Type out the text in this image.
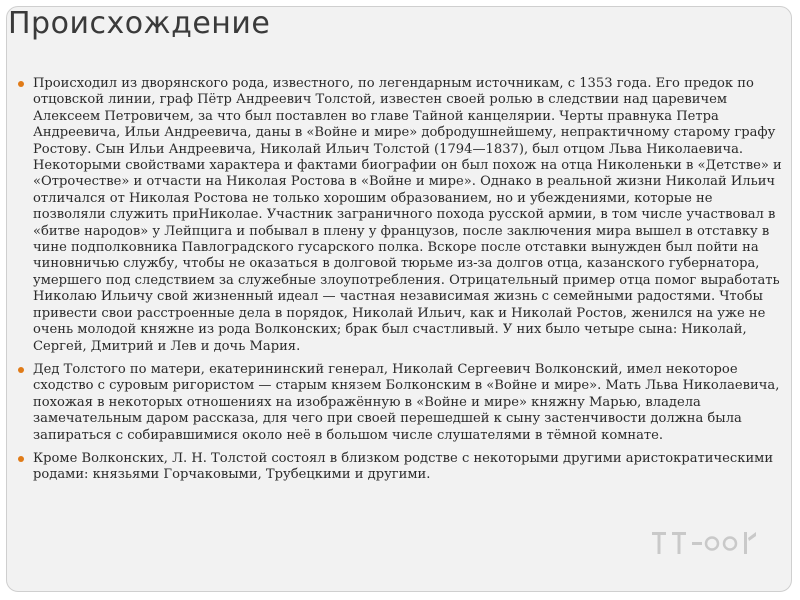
Происхождение

Происходил из дворянского рода, известного, по легендарным источникам, с 1353 года. Его предок по отцовской линии, граф Пётр Андреевич Толстой, известен своей ролью в следствии над царевичем Алексеем Петровичем, за что был поставлен во главе Тайной канцелярии. Черты правнука Петра Андреевича, Ильи Андреевича, даны в «Войне и мире» добродушнейшему, непрактичному старому графу Ростову. Сын Ильи Андреевича, Николай Ильич Толстой (1794—1837), был отцом Льва Николаевича. Некоторыми свойствами характера и фактами биографии он был похож на отца Николеньки в «Детстве» и «Отрочестве» и отчасти на Николая Ростова в «Войне и мире». Однако в реальной жизни Николай Ильич отличался от Николая Ростова не только хорошим образованием, но и убеждениями, которые не позволяли служить приНиколае. Участник заграничного похода русской армии, в том числе участвовал в «битве народов» у Лейпцига и побывал в плену у французов, после заключения мира вышел в отставку в чине подполковника Павлоградского гусарского полка. Вскоре после отставки вынужден был пойти на чиновничью службу, чтобы не оказаться в долговой тюрьме из-за долгов отца, казанского губернатора, умершего под следствием за служебные злоупотребления. Отрицательный пример отца помог выработать Николаю Ильичу свой жизненный идеал — частная независимая жизнь с семейными радостями. Чтобы привести свои расстроенные дела в порядок, Николай Ильич, как и Николай Ростов, женился на уже не очень молодой княжне из рода Волконских; брак был счастливый. У них было четыре сына: Николай, Сергей, Дмитрий и Лев и дочь Мария.

Дед Толстого по матери, екатерининский генерал, Николай Сергеевич Волконский, имел некоторое сходство с суровым ригористом — старым князем Болконским в «Войне и мире». Мать Льва Николаевича, похожая в некоторых отношениях на изображённую в «Войне и мире» княжну Марью, владела замечательным даром рассказа, для чего при своей перешедшей к сыну застенчивости должна была запираться с собиравшимися около неё в большом числе слушателями в тёмной комнате.

Кроме Волконских, Л. Н. Толстой состоял в близком родстве с некоторыми другими аристократическими родами: князьями Горчаковыми, Трубецкими и другими.
